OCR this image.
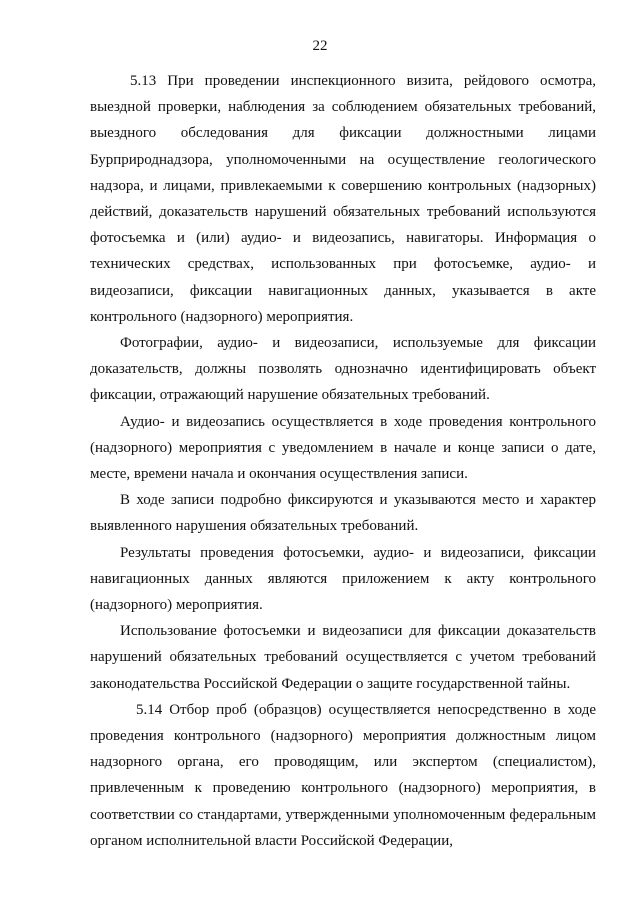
22

5.13 При проведении инспекционного визита, рейдового осмотра, выездной проверки, наблюдения за соблюдением обязательных требований, выездного обследования для фиксации должностными лицами Бурприроднадзора, уполномоченными на осуществление геологического надзора, и лицами, привлекаемыми к совершению контрольных (надзорных) действий, доказательств нарушений обязательных требований используются фотосъемка и (или) аудио- и видеозапись, навигаторы. Информация о технических средствах, использованных при фотосъемке, аудио- и видеозаписи, фиксации навигационных данных, указывается в акте контрольного (надзорного) мероприятия.

Фотографии, аудио- и видеозаписи, используемые для фиксации доказательств, должны позволять однозначно идентифицировать объект фиксации, отражающий нарушение обязательных требований.

Аудио- и видеозапись осуществляется в ходе проведения контрольного (надзорного) мероприятия с уведомлением в начале и конце записи о дате, месте, времени начала и окончания осуществления записи.

В ходе записи подробно фиксируются и указываются место и характер выявленного нарушения обязательных требований.

Результаты проведения фотосъемки, аудио- и видеозаписи, фиксации навигационных данных являются приложением к акту контрольного (надзорного) мероприятия.

Использование фотосъемки и видеозаписи для фиксации доказательств нарушений обязательных требований осуществляется с учетом требований законодательства Российской Федерации о защите государственной тайны.

5.14 Отбор проб (образцов) осуществляется непосредственно в ходе проведения контрольного (надзорного) мероприятия должностным лицом надзорного органа, его проводящим, или экспертом (специалистом), привлеченным к проведению контрольного (надзорного) мероприятия, в соответствии со стандартами, утвержденными уполномоченным федеральным органом исполнительной власти Российской Федерации,
